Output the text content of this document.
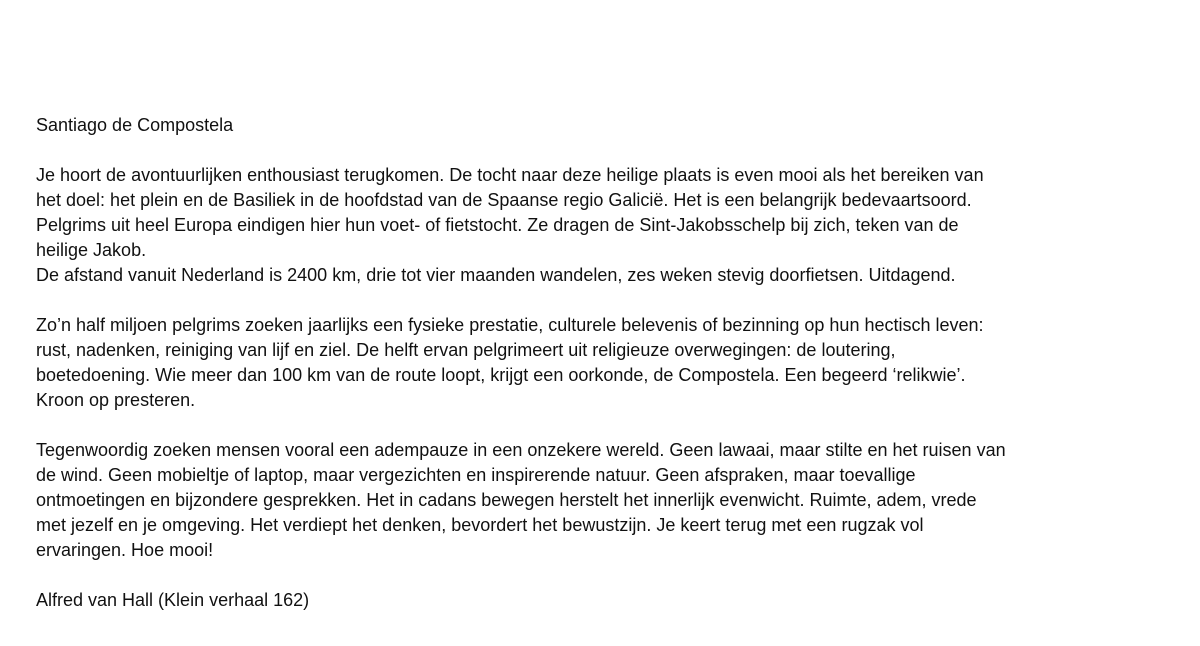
Santiago de Compostela
Je hoort de avontuurlijken enthousiast terugkomen. De tocht naar deze heilige plaats is even mooi als het bereiken van
het doel: het plein en de Basiliek in de hoofdstad van de Spaanse regio Galicië. Het is een belangrijk bedevaartsoord.
Pelgrims uit heel Europa eindigen hier hun voet- of fietstocht. Ze dragen de Sint-Jakobsschelp bij zich, teken van de
heilige Jakob.
De afstand vanuit Nederland is 2400 km, drie tot vier maanden wandelen, zes weken stevig doorfietsen. Uitdagend.
Zo’n half miljoen pelgrims zoeken jaarlijks een fysieke prestatie, culturele belevenis of bezinning op hun hectisch leven:
rust, nadenken, reiniging van lijf en ziel. De helft ervan pelgrimeert uit religieuze overwegingen: de loutering,
boetedoening. Wie meer dan 100 km van de route loopt, krijgt een oorkonde, de Compostela. Een begeerd ‘relikwie’.
Kroon op presteren.
Tegenwoordig zoeken mensen vooral een adempauze in een onzekere wereld. Geen lawaai, maar stilte en het ruisen van
de wind. Geen mobieltje of laptop, maar vergezichten en inspirerende natuur. Geen afspraken, maar toevallige
ontmoetingen en bijzondere gesprekken. Het in cadans bewegen herstelt het innerlijk evenwicht. Ruimte, adem, vrede
met jezelf en je omgeving. Het verdiept het denken, bevordert het bewustzijn. Je keert terug met een rugzak vol
ervaringen. Hoe mooi!
Alfred van Hall (Klein verhaal 162)
